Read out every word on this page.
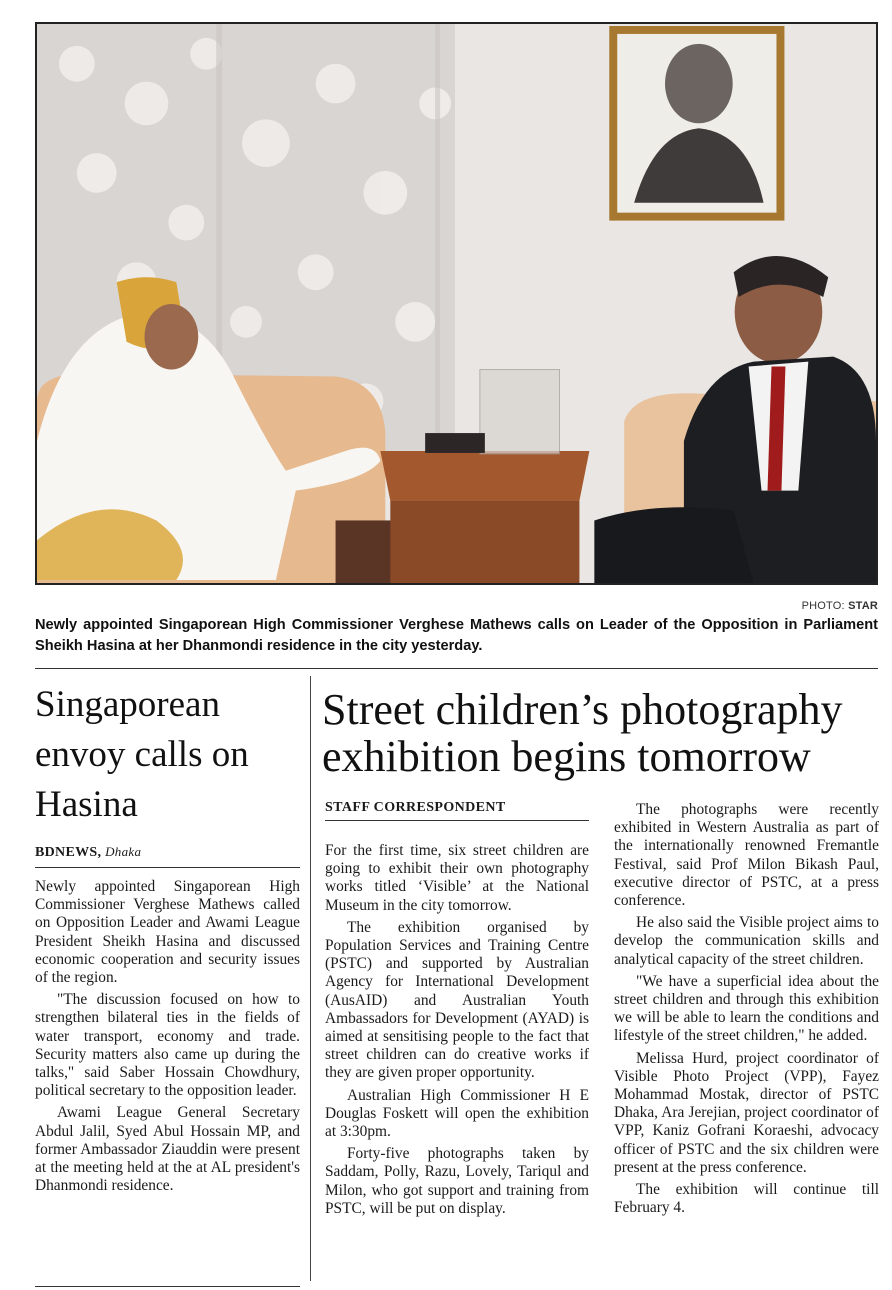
PHOTO: STAR
Newly appointed Singaporean High Commissioner Verghese Mathews calls on Leader of the Opposition in Parliament Sheikh Hasina at her Dhanmondi residence in the city yesterday.
Singaporean envoy calls on Hasina
BDNEWS, Dhaka

Newly appointed Singaporean High Commissioner Verghese Mathews called on Opposition Leader and Awami League President Sheikh Hasina and discussed economic cooperation and security issues of the region.

"The discussion focused on how to strengthen bilateral ties in the fields of water transport, economy and trade. Security matters also came up during the talks," said Saber Hossain Chowdhury, political secretary to the opposition leader.

Awami League General Secretary Abdul Jalil, Syed Abul Hossain MP, and former Ambassador Ziauddin were present at the meeting held at the at AL president's Dhanmondi residence.

Street children’s photography exhibition begins tomorrow
STAFF CORRESPONDENT

For the first time, six street children are going to exhibit their own photography works titled ‘Visible’ at the National Museum in the city tomorrow.

The exhibition organised by Population Services and Training Centre (PSTC) and supported by Australian Agency for International Development (AusAID) and Australian Youth Ambassadors for Development (AYAD) is aimed at sensitising people to the fact that street children can do creative works if they are given proper opportunity.

Australian High Commissioner H E Douglas Foskett will open the exhibition at 3:30pm.

Forty-five photographs taken by Saddam, Polly, Razu, Lovely, Tariqul and Milon, who got support and training from PSTC, will be put on display.

The photographs were recently exhibited in Western Australia as part of the internationally renowned Fremantle Festival, said Prof Milon Bikash Paul, executive director of PSTC, at a press conference.

He also said the Visible project aims to develop the communication skills and analytical capacity of the street children.

"We have a superficial idea about the street children and through this exhibition we will be able to learn the conditions and lifestyle of the street children," he added.

Melissa Hurd, project coordinator of Visible Photo Project (VPP), Fayez Mohammad Mostak, director of PSTC Dhaka, Ara Jerejian, project coordinator of VPP, Kaniz Gofrani Koraeshi, advocacy officer of PSTC and the six children were present at the press conference.

The exhibition will continue till February 4.
